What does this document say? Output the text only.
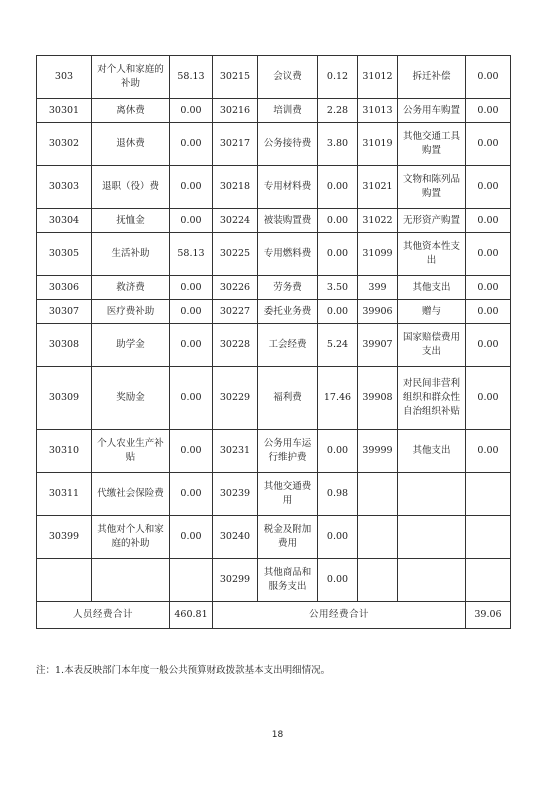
303	对个人和家庭的补助	58.13	30215	会议费	0.12	31012	拆迁补偿	0.00
30301	离休费	0.00	30216	培训费	2.28	31013	公务用车购置	0.00
30302	退休费	0.00	30217	公务接待费	3.80	31019	其他交通工具购置	0.00
30303	退职（役）费	0.00	30218	专用材料费	0.00	31021	文物和陈列品购置	0.00
30304	抚恤金	0.00	30224	被装购置费	0.00	31022	无形资产购置	0.00
30305	生活补助	58.13	30225	专用燃料费	0.00	31099	其他资本性支出	0.00
30306	救济费	0.00	30226	劳务费	3.50	399	其他支出	0.00
30307	医疗费补助	0.00	30227	委托业务费	0.00	39906	赠与	0.00
30308	助学金	0.00	30228	工会经费	5.24	39907	国家赔偿费用支出	0.00
30309	奖励金	0.00	30229	福利费	17.46	39908	对民间非营利组织和群众性自治组织补贴	0.00
30310	个人农业生产补贴	0.00	30231	公务用车运行维护费	0.00	39999	其他支出	0.00
30311	代缴社会保险费	0.00	30239	其他交通费用	0.98			
30399	其他对个人和家庭的补助	0.00	30240	税金及附加费用	0.00			
			30299	其他商品和服务支出	0.00			
人员经费合计		460.81	公用经费合计					39.06
注：1.本表反映部门本年度一般公共预算财政拨款基本支出明细情况。
18
